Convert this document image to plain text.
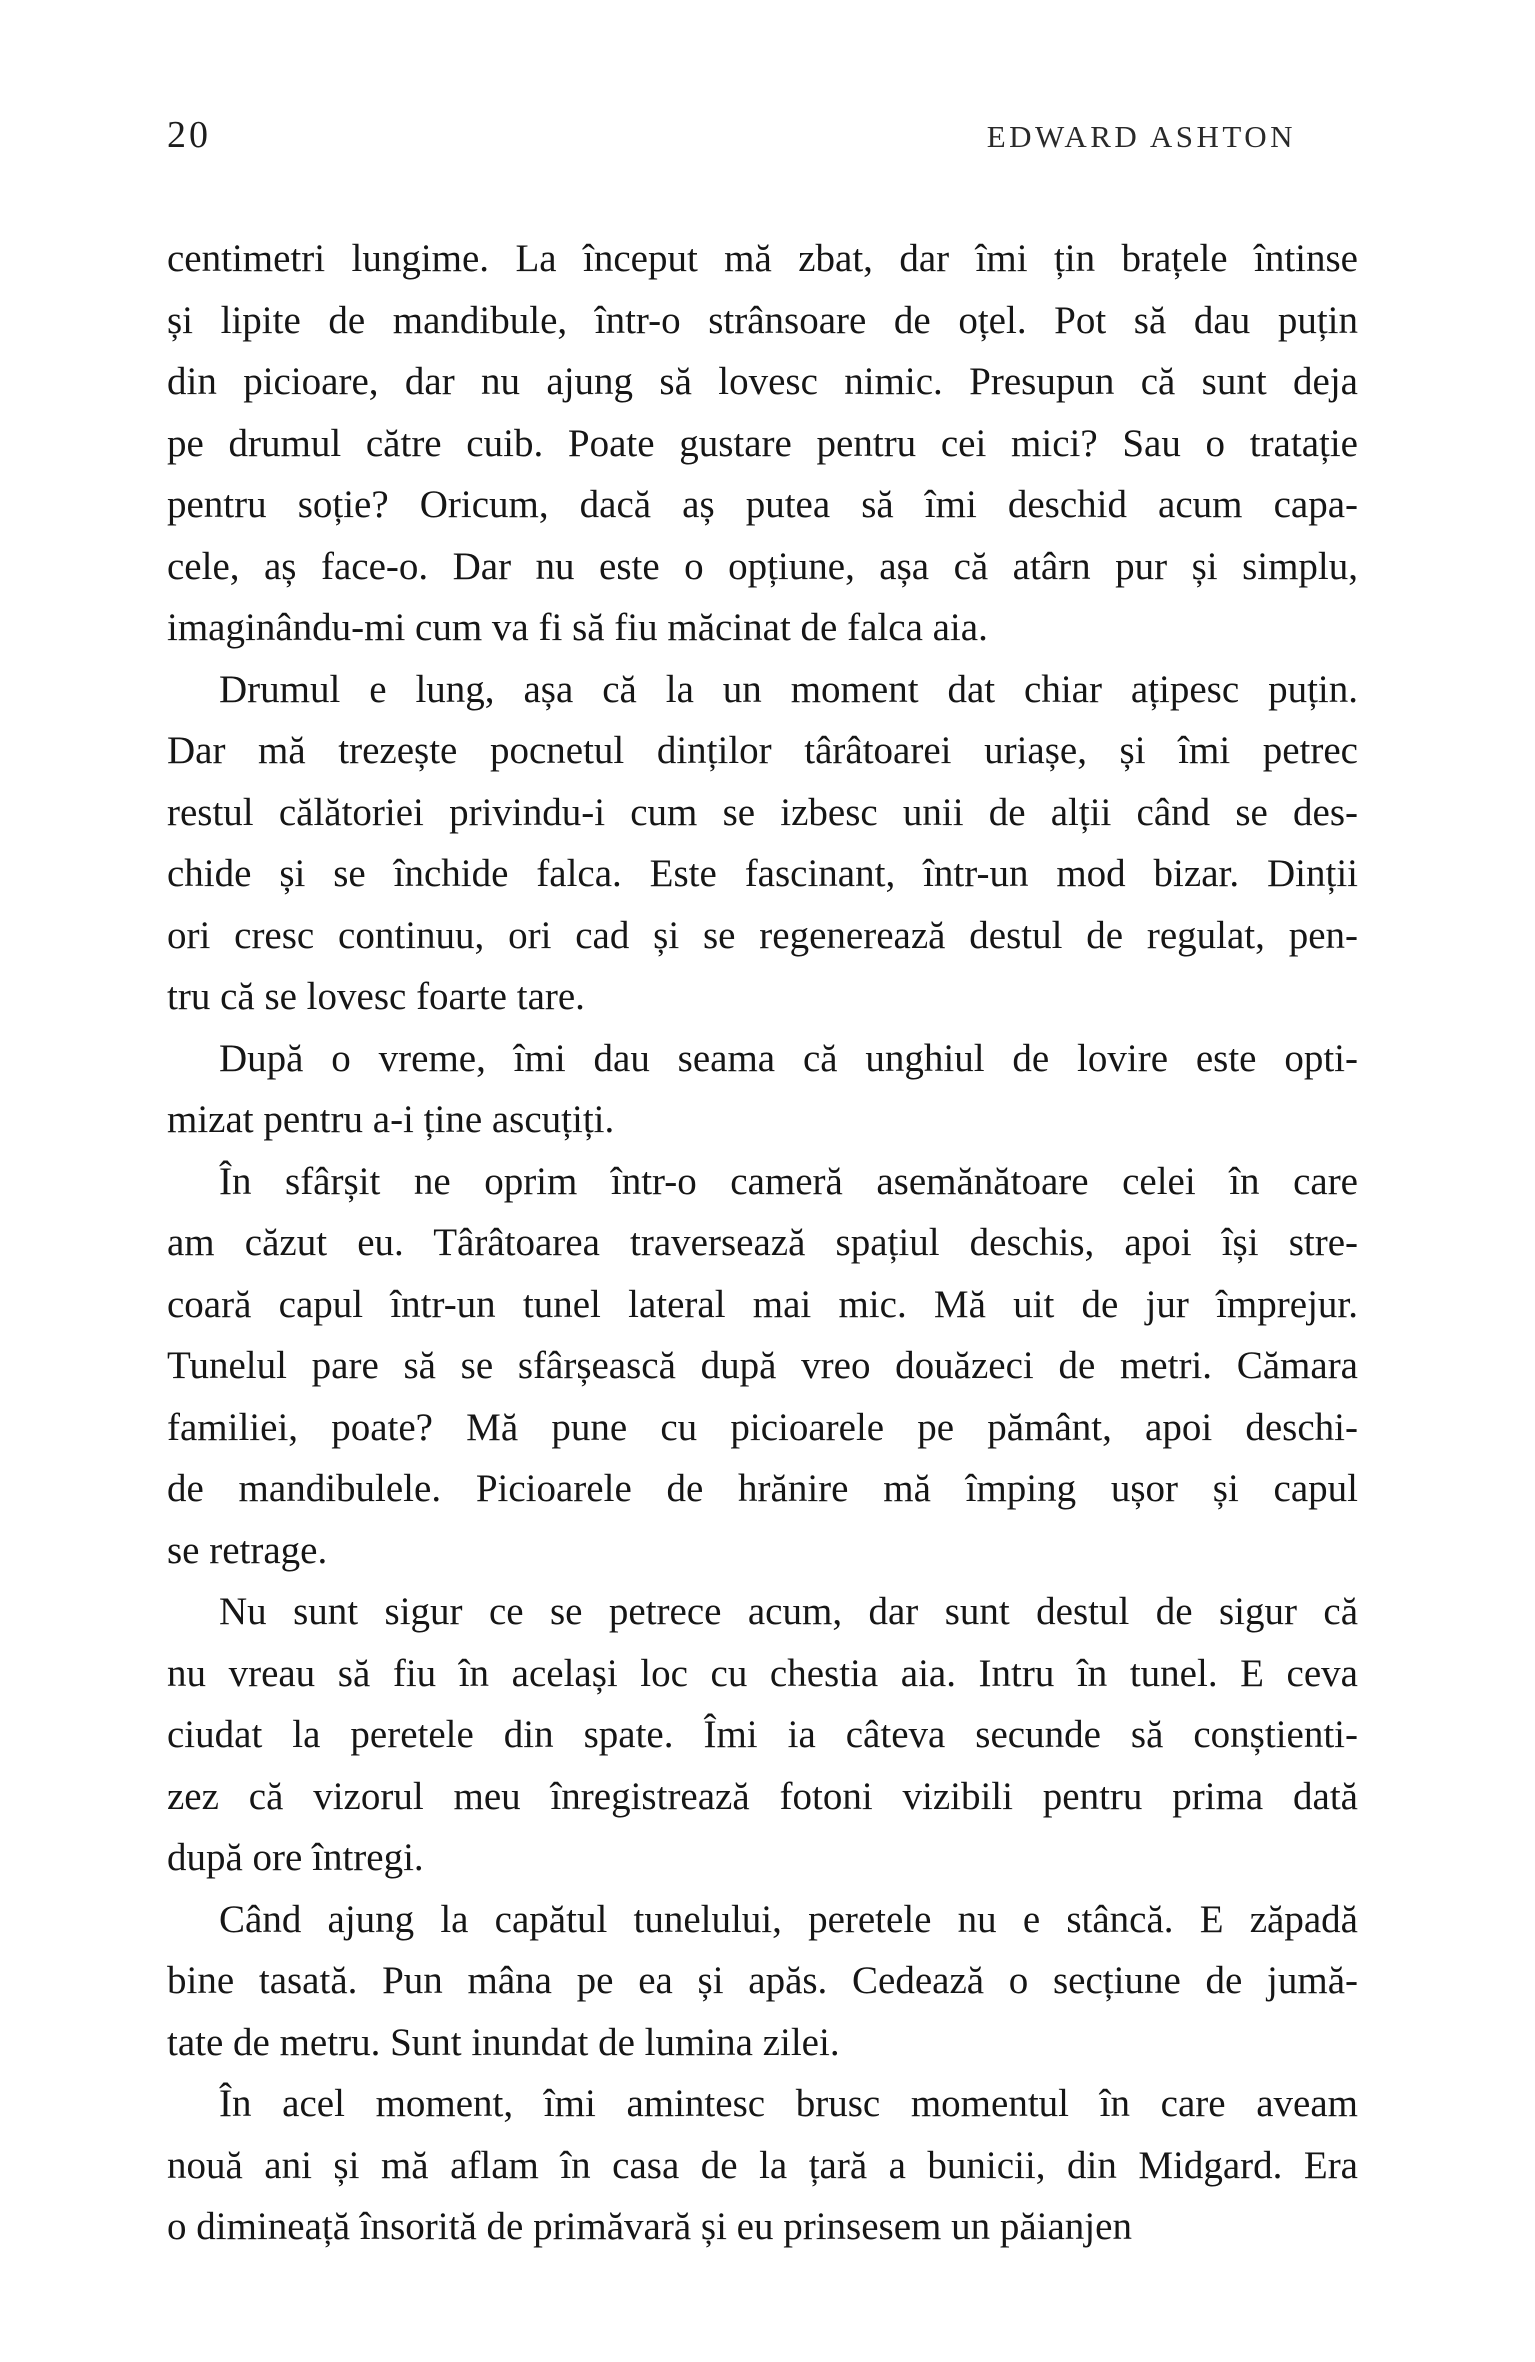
20	EDWARD ASHTON
centimetri lungime. La început mă zbat, dar îmi țin brațele întinse
și lipite de mandibule, într-o strânsoare de oțel. Pot să dau puțin
din picioare, dar nu ajung să lovesc nimic. Presupun că sunt deja
pe drumul către cuib. Poate gustare pentru cei mici? Sau o tratație
pentru soție? Oricum, dacă aș putea să îmi deschid acum capa-
cele, aș face-o. Dar nu este o opțiune, așa că atârn pur și simplu,
imaginându-mi cum va fi să fiu măcinat de falca aia.
Drumul e lung, așa că la un moment dat chiar ațipesc puțin.
Dar mă trezește pocnetul dinților târâtoarei uriașe, și îmi petrec
restul călătoriei privindu-i cum se izbesc unii de alții când se des-
chide și se închide falca. Este fascinant, într-un mod bizar. Dinții
ori cresc continuu, ori cad și se regenerează destul de regulat, pen-
tru că se lovesc foarte tare.
După o vreme, îmi dau seama că unghiul de lovire este opti-
mizat pentru a-i ține ascuțiți.
În sfârșit ne oprim într-o cameră asemănătoare celei în care
am căzut eu. Târâtoarea traversează spațiul deschis, apoi își stre-
coară capul într-un tunel lateral mai mic. Mă uit de jur împrejur.
Tunelul pare să se sfârșească după vreo douăzeci de metri. Cămara
familiei, poate? Mă pune cu picioarele pe pământ, apoi deschi-
de mandibulele. Picioarele de hrănire mă împing ușor și capul
se retrage.
Nu sunt sigur ce se petrece acum, dar sunt destul de sigur că
nu vreau să fiu în același loc cu chestia aia. Intru în tunel. E ceva
ciudat la peretele din spate. Îmi ia câteva secunde să conștienti-
zez că vizorul meu înregistrează fotoni vizibili pentru prima dată
după ore întregi.
Când ajung la capătul tunelului, peretele nu e stâncă. E zăpadă
bine tasată. Pun mâna pe ea și apăs. Cedează o secțiune de jumă-
tate de metru. Sunt inundat de lumina zilei.
În acel moment, îmi amintesc brusc momentul în care aveam
nouă ani și mă aflam în casa de la țară a bunicii, din Midgard. Era
o dimineață însorită de primăvară și eu prinsesem un păianjen
